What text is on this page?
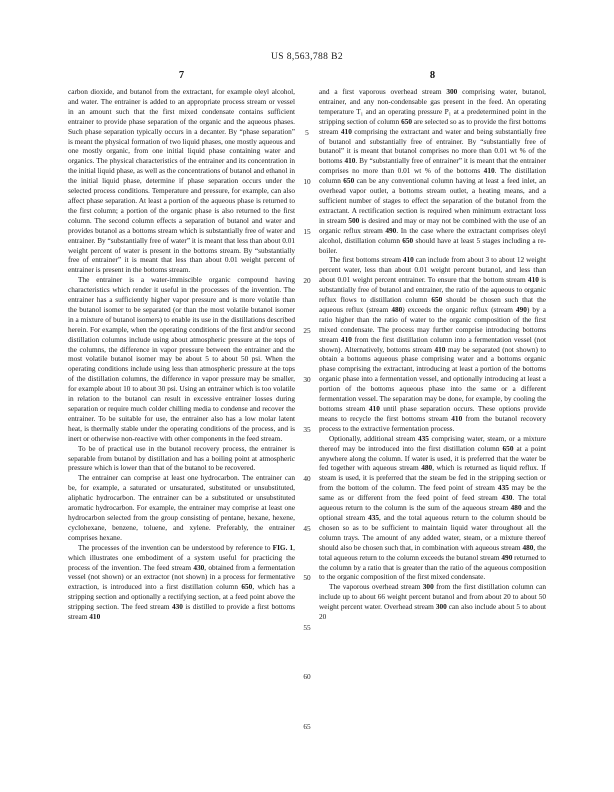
US 8,563,788 B2
7	8

carbon dioxide, and butanol from the extractant, for example oleyl alcohol, and water. The entrainer is added to an appropriate process stream or vessel in an amount such that the first mixed condensate contains sufficient entrainer to provide phase separation of the organic and the aqueous phases. Such phase separation typically occurs in a decanter. By “phase separation” is meant the physical formation of two liquid phases, one mostly aqueous and one mostly organic, from one initial liquid phase containing water and organics. The physical characteristics of the entrainer and its concentration in the initial liquid phase, as well as the concentrations of butanol and ethanol in the initial liquid phase, determine if phase separation occurs under the selected process conditions. Temperature and pressure, for example, can also affect phase separation. At least a portion of the aqueous phase is returned to the first column; a portion of the organic phase is also returned to the first column. The second column effects a separation of butanol and water and provides butanol as a bottoms stream which is substantially free of water and entrainer. By “substantially free of water” it is meant that less than about 0.01 weight percent of water is present in the bottoms stream. By “substantially free of entrainer” it is meant that less than about 0.01 weight percent of entrainer is present in the bottoms stream.

The entrainer is a water-immiscible organic compound having characteristics which render it useful in the processes of the invention. The entrainer has a sufficiently higher vapor pressure and is more volatile than the butanol isomer to be separated (or than the most volatile butanol isomer in a mixture of butanol isomers) to enable its use in the distillations described herein. For example, when the operating conditions of the first and/or second distillation columns include using about atmospheric pressure at the tops of the columns, the difference in vapor pressure between the entrainer and the most volatile butanol isomer may be about 5 to about 50 psi. When the operating conditions include using less than atmospheric pressure at the tops of the distillation columns, the difference in vapor pressure may be smaller, for example about 10 to about 30 psi. Using an entrainer which is too volatile in relation to the butanol can result in excessive entrainer losses during separation or require much colder chilling media to condense and recover the entrainer. To be suitable for use, the entrainer also has a low molar latent heat, is thermally stable under the operating conditions of the process, and is inert or otherwise non-reactive with other components in the feed stream.

To be of practical use in the butanol recovery process, the entrainer is separable from butanol by distillation and has a boiling point at atmospheric pressure which is lower than that of the butanol to be recovered.

The entrainer can comprise at least one hydrocarbon. The entrainer can be, for example, a saturated or unsaturated, substituted or unsubstituted, aliphatic hydrocarbon. The entrainer can be a substituted or unsubstituted aromatic hydrocarbon. For example, the entrainer may comprise at least one hydrocarbon selected from the group consisting of pentane, hexane, hexene, cyclohexane, benzene, toluene, and xylene. Preferably, the entrainer comprises hexane.

The processes of the invention can be understood by reference to FIG. 1, which illustrates one embodiment of a system useful for practicing the process of the invention. The feed stream 430, obtained from a fermentation vessel (not shown) or an extractor (not shown) in a process for fermentative extraction, is introduced into a first distillation column 650, which has a stripping section and optionally a rectifying section, at a feed point above the stripping section. The feed stream 430 is distilled to provide a first bottoms stream 410

5
10
15
20
25
30
35
40
45
50
55
60
65

and a first vaporous overhead stream 300 comprising water, butanol, entrainer, and any non-condensable gas present in the feed. An operating temperature T₁ and an operating pressure P₁ at a predetermined point in the stripping section of column 650 are selected so as to provide the first bottoms stream 410 comprising the extractant and water and being substantially free of butanol and substantially free of entrainer. By “substantially free of butanol” it is meant that butanol comprises no more than 0.01 wt % of the bottoms 410. By “substantially free of entrainer” it is meant that the entrainer comprises no more than 0.01 wt % of the bottoms 410. The distillation column 650 can be any conventional column having at least a feed inlet, an overhead vapor outlet, a bottoms stream outlet, a heating means, and a sufficient number of stages to effect the separation of the butanol from the extractant. A rectification section is required when minimum extractant loss in stream 500 is desired and may or may not be combined with the use of an organic reflux stream 490. In the case where the extractant comprises oleyl alcohol, distillation column 650 should have at least 5 stages including a re-boiler.

The first bottoms stream 410 can include from about 3 to about 12 weight percent water, less than about 0.01 weight percent butanol, and less than about 0.01 weight percent entrainer. To ensure that the bottom stream 410 is substantially free of butanol and entrainer, the ratio of the aqueous to organic reflux flows to distillation column 650 should be chosen such that the aqueous reflux (stream 480) exceeds the organic reflux (stream 490) by a ratio higher than the ratio of water to the organic composition of the first mixed condensate. The process may further comprise introducing bottoms stream 410 from the first distillation column into a fermentation vessel (not shown). Alternatively, bottoms stream 410 may be separated (not shown) to obtain a bottoms aqueous phase comprising water and a bottoms organic phase comprising the extractant, introducing at least a portion of the bottoms organic phase into a fermentation vessel, and optionally introducing at least a portion of the bottoms aqueous phase into the same or a different fermentation vessel. The separation may be done, for example, by cooling the bottoms stream 410 until phase separation occurs. These options provide means to recycle the first bottoms stream 410 from the butanol recovery process to the extractive fermentation process.

Optionally, additional stream 435 comprising water, steam, or a mixture thereof may be introduced into the first distillation column 650 at a point anywhere along the column. If water is used, it is preferred that the water be fed together with aqueous stream 480, which is returned as liquid reflux. If steam is used, it is preferred that the steam be fed in the stripping section or from the bottom of the column. The feed point of stream 435 may be the same as or different from the feed point of feed stream 430. The total aqueous return to the column is the sum of the aqueous stream 480 and the optional stream 435, and the total aqueous return to the column should be chosen so as to be sufficient to maintain liquid water throughout all the column trays. The amount of any added water, steam, or a mixture thereof should also be chosen such that, in combination with aqueous stream 480, the total aqueous return to the column exceeds the butanol stream 490 returned to the column by a ratio that is greater than the ratio of the aqueous composition to the organic composition of the first mixed condensate.

The vaporous overhead stream 300 from the first distillation column can include up to about 66 weight percent butanol and from about 20 to about 50 weight percent water. Overhead stream 300 can also include about 5 to about 20
